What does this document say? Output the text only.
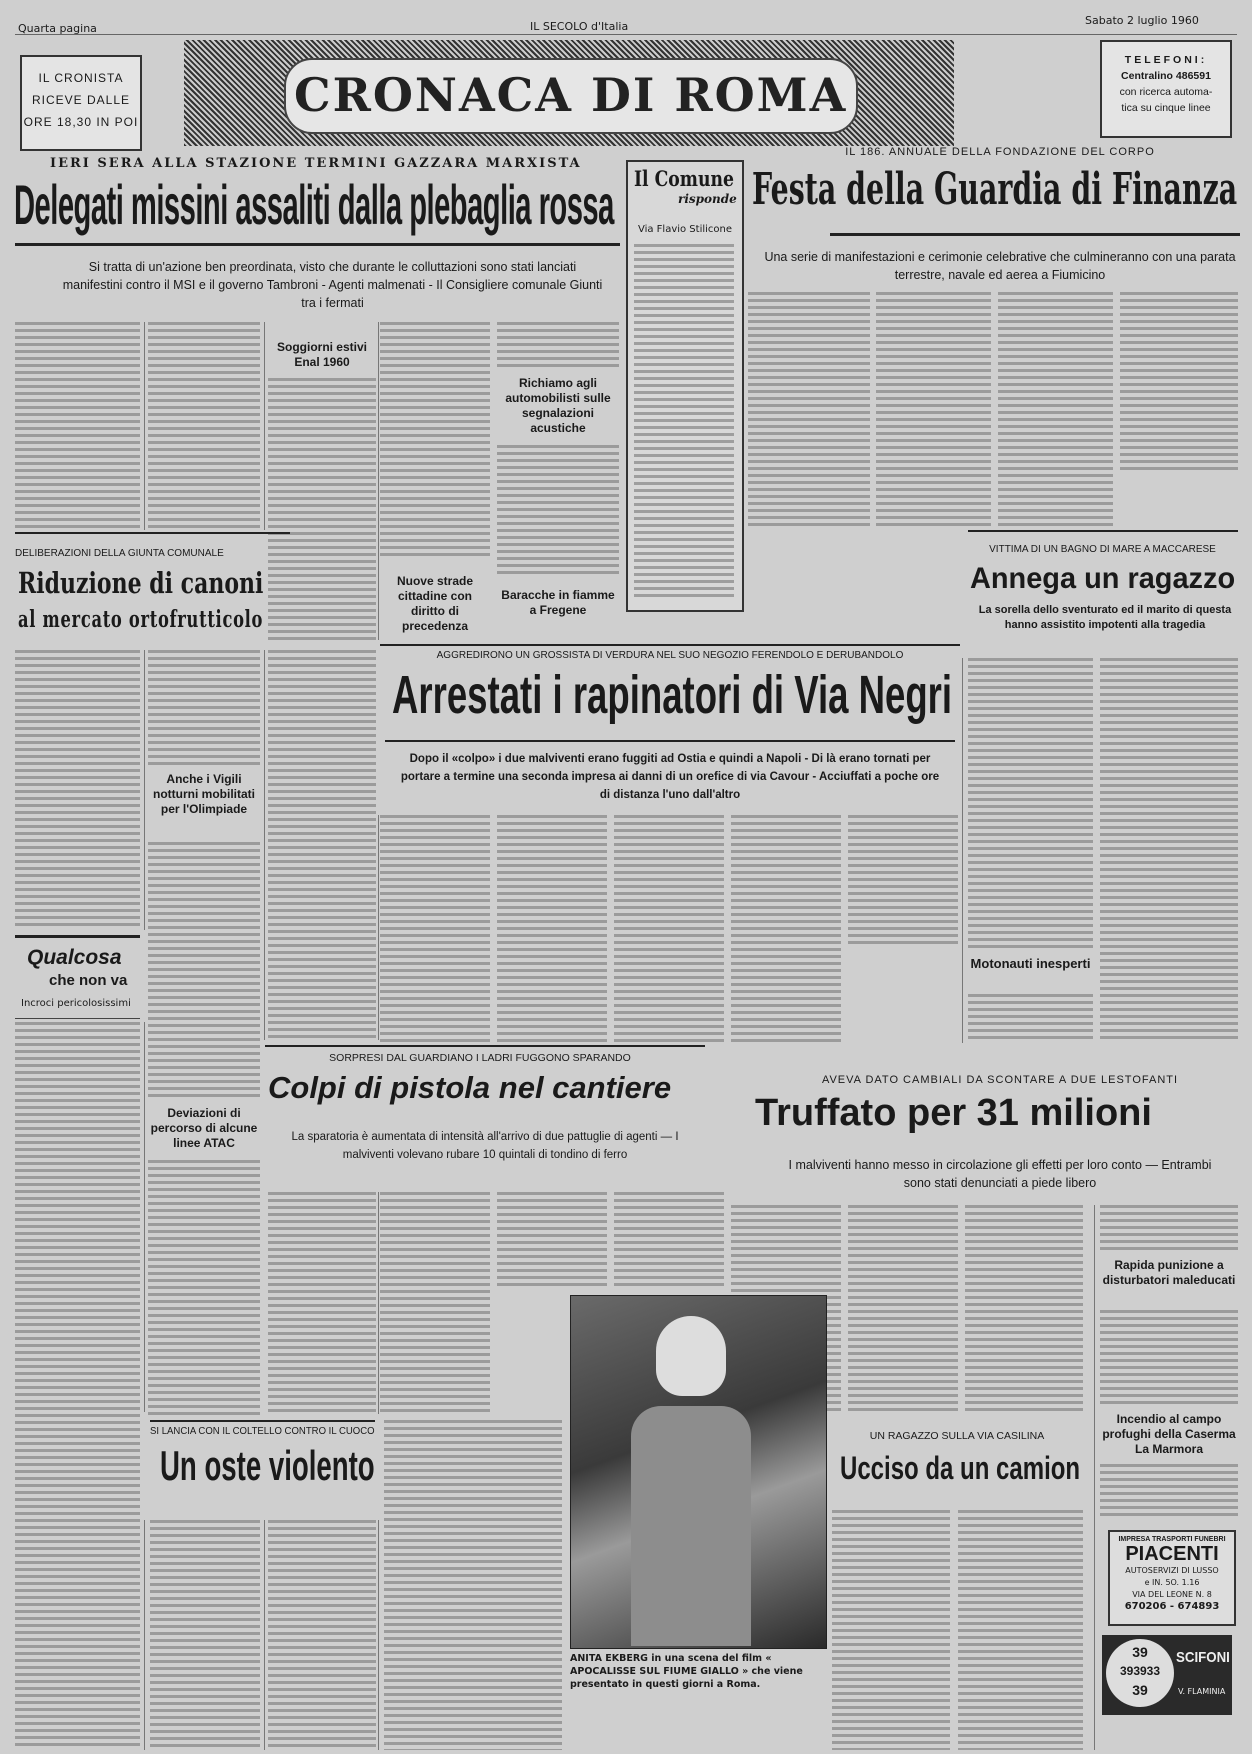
Quarta pagina	IL SECOLO d'Italia	Sabato 2 luglio 1960
IL CRONISTA
RICEVE DALLE
ORE 18,30 IN POI	CRONACA DI ROMA
TELEFONI:
Centralino 486591
con ricerca automa-
tica su cinque linee
IERI SERA ALLA STAZIONE TERMINI GAZZARA MARXISTA
Delegati missini assaliti dalla plebaglia rossa
Si tratta di un'azione ben preordinata, visto che durante le colluttazioni sono stati lanciati manifestini contro il MSI e il governo Tambroni - Agenti malmenati - Il Consigliere comunale Giunti tra i fermati
Il Comune
risponde
Via Flavio Stilicone
IL 186. ANNUALE DELLA FONDAZIONE DEL CORPO
Festa della Guardia di Finanza
Una serie di manifestazioni e cerimonie celebrative che culmineranno con una parata terrestre, navale ed aerea a Fiumicino
Soggiorni estivi Enal 1960
Richiamo agli automobilisti sulle segnalazioni acustiche
Nuove strade cittadine con diritto di precedenza
Baracche in fiamme a Fregene
DELIBERAZIONI DELLA GIUNTA COMUNALE
Riduzione di canoni
al mercato ortofrutticolo
Anche i Vigili notturni mobilitati per l'Olimpiade
Deviazioni di percorso di alcune linee ATAC
Qualcosa
che non va
Incroci pericolosissimi
AGGREDIRONO UN GROSSISTA DI VERDURA NEL SUO NEGOZIO FERENDOLO E DERUBANDOLO
Arrestati i rapinatori di Via Negri
Dopo il «colpo» i due malviventi erano fuggiti ad Ostia e quindi a Napoli - Di là erano tornati per portare a termine una seconda impresa ai danni di un orefice di via Cavour - Acciuffati a poche ore di distanza l'uno dall'altro
VITTIMA DI UN BAGNO DI MARE A MACCARESE
Annega un ragazzo
La sorella dello sventurato ed il marito di questa hanno assistito impotenti alla tragedia
Motonauti inesperti
SORPRESI DAL GUARDIANO I LADRI FUGGONO SPARANDO
Colpi di pistola nel cantiere
La sparatoria è aumentata di intensità all'arrivo di due pattuglie di agenti — I malviventi volevano rubare 10 quintali di tondino di ferro
AVEVA DATO CAMBIALI DA SCONTARE A DUE LESTOFANTI
Truffato per 31 milioni
I malviventi hanno messo in circolazione gli effetti per loro conto — Entrambi sono stati denunciati a piede libero
Rapida punizione a disturbatori maleducati
Incendio al campo profughi della Caserma La Marmora
SI LANCIA CON IL COLTELLO CONTRO IL CUOCO
Un oste violento
ANITA EKBERG in una scena del film « APOCALISSE SUL FIUME GIALLO » che viene presentato in questi giorni a Roma.
UN RAGAZZO SULLA VIA CASILINA
Ucciso da un camion
IMPRESA TRASPORTI FUNEBRI
PIACENTI
AUTOSERVIZI DI LUSSO
e IN. 5O. 1.16
VIA DEL LEONE N. 8
670206 - 674893
39
393933
39
SCIFONI
V. FLAMINIA
